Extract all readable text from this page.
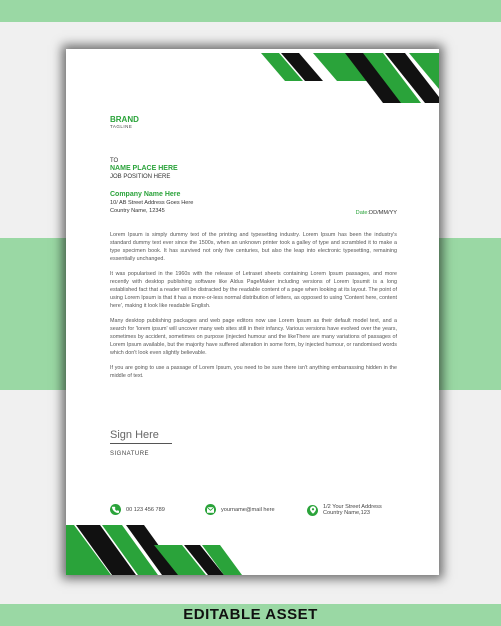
EDITABLE ASSET
BRAND
TAGLINE
TO
NAME PLACE HERE
JOB POSITION HERE
Company Name Here
10/ AB Street Address Goes Here
Country Name, 12345	Date:DD/MM/YY

Lorem Ipsum is simply dummy text of the printing and typesetting industry. Lorem Ipsum has been the industry's standard dummy text ever since the 1500s, when an unknown printer took a galley of type and scrambled it to make a type specimen book. It has survived not only five centuries, but also the leap into electronic typesetting, remaining essentially unchanged.

It was popularised in the 1960s with the release of Letraset sheets containing Lorem Ipsum passages, and more recently with desktop publishing software like Aldus PageMaker including versions of Lorem Ipsumit is a long established fact that a reader will be distracted by the readable content of a page when looking at its layout. The point of using Lorem Ipsum is that it has a more-or-less normal distribution of letters, as opposed to using 'Content here, content here', making it look like readable English.

Many desktop publishing packages and web page editors now use Lorem Ipsum as their default model text, and a search for 'lorem ipsum' will uncover many web sites still in their infancy. Various versions have evolved over the years, sometimes by accident, sometimes on purpose (injected humour and the likeThere are many variations of passages of Lorem Ipsum available, but the majority have suffered alteration in some form, by injected humour, or randomised words which don't look even slightly believable.

If you are going to use a passage of Lorem Ipsum, you need to be sure there isn't anything embarrassing hidden in the middle of text.

Sign Here
SIGNATURE
00 123 456 789	yourname@mail here	1/2 Your Street Address
Country Name,123
